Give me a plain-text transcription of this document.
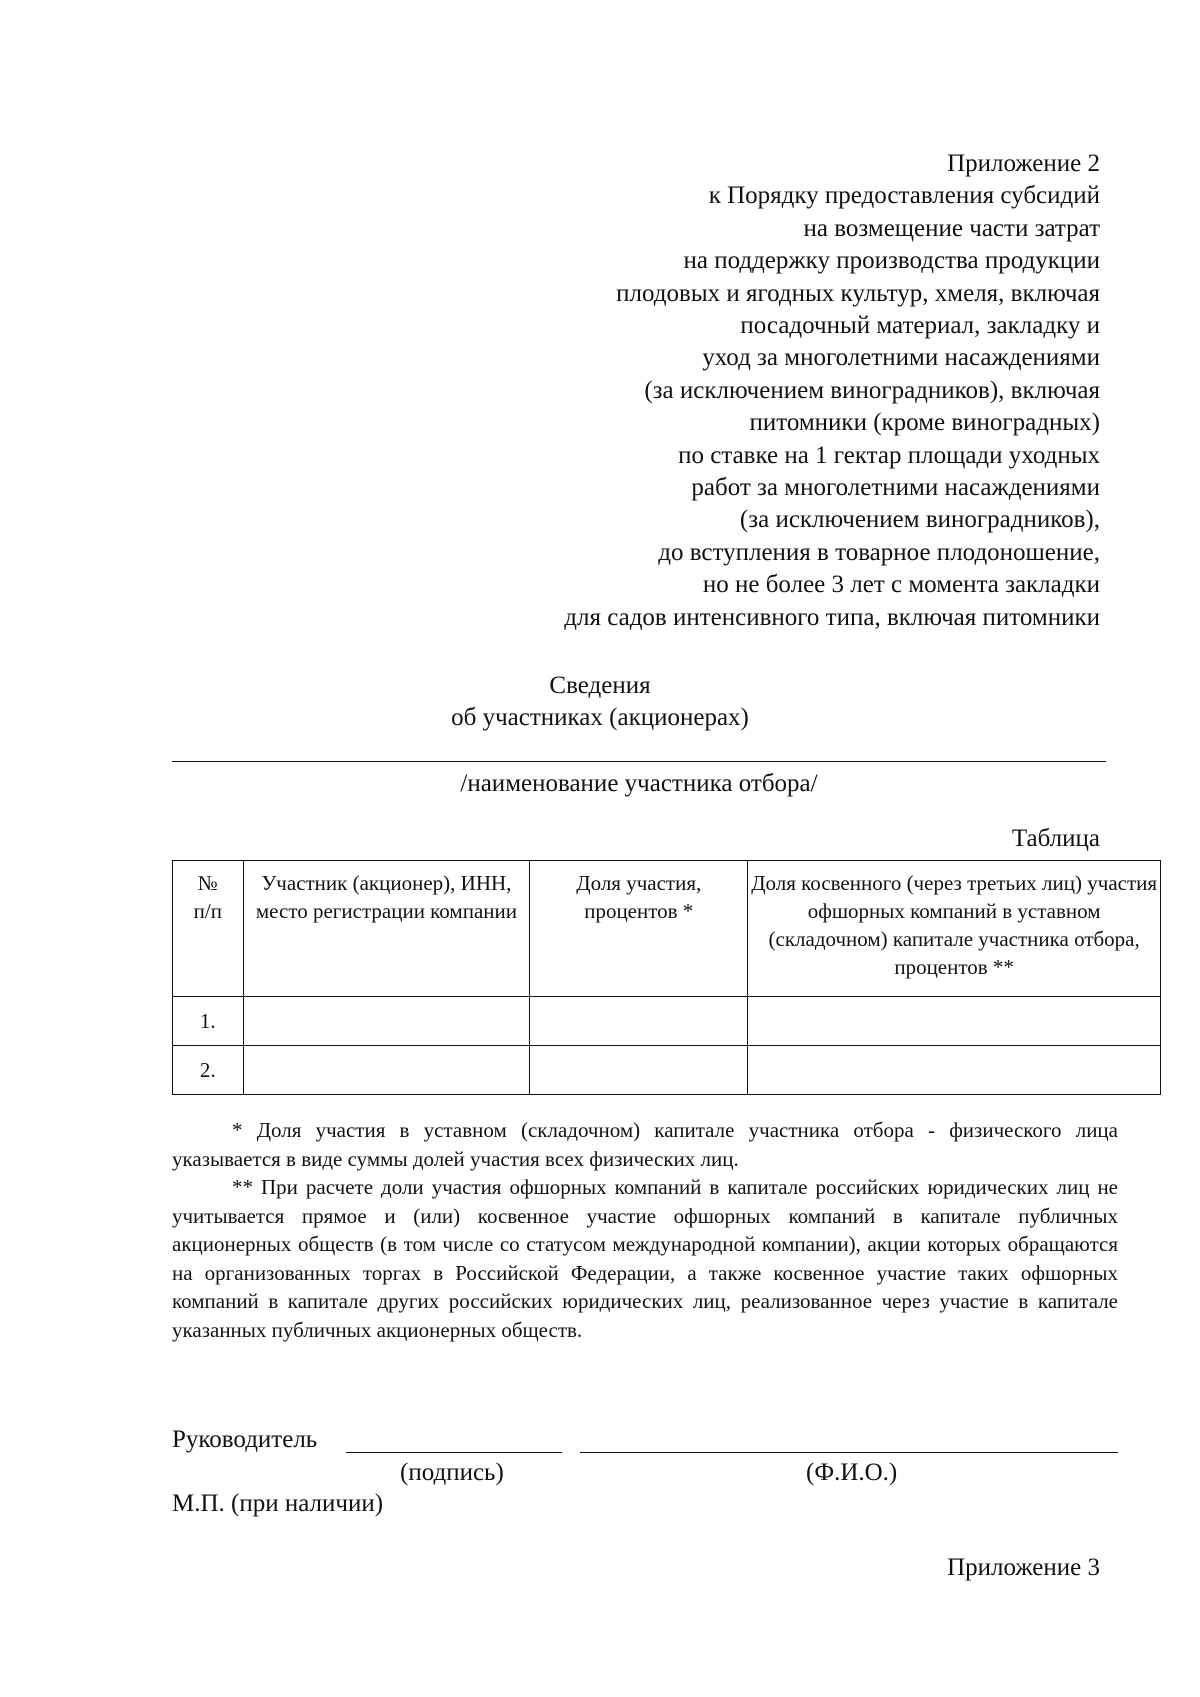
Приложение 2
к Порядку предоставления субсидий
на возмещение части затрат
на поддержку производства продукции
плодовых и ягодных культур, хмеля, включая
посадочный материал, закладку и
уход за многолетними насаждениями
(за исключением виноградников), включая
питомники (кроме виноградных)
по ставке на 1 гектар площади уходных
работ за многолетними насаждениями
(за исключением виноградников),
до вступления в товарное плодоношение,
но не более 3 лет с момента закладки
для садов интенсивного типа, включая питомники
Сведения
об участниках (акционерах)
/наименование участника отбора/
Таблица
№
п/п	Участник (акционер), ИНН, место регистрации компании	Доля участия, процентов *	Доля косвенного (через третьих лиц) участия офшорных компаний в уставном (складочном) капитале участника отбора, процентов **
1.			
2.			

* Доля участия в уставном (складочном) капитале участника отбора - физического лица указывается в виде суммы долей участия всех физических лиц.

** При расчете доли участия офшорных компаний в капитале российских юридических лиц не учитывается прямое и (или) косвенное участие офшорных компаний в капитале публичных акционерных обществ (в том числе со статусом международной компании), акции которых обращаются на организованных торгах в Российской Федерации, а также косвенное участие таких офшорных компаний в капитале других российских юридических лиц, реализованное через участие в капитале указанных публичных акционерных обществ.

Руководитель
(подпись)	(Ф.И.О.)
М.П. (при наличии)
Приложение 3
